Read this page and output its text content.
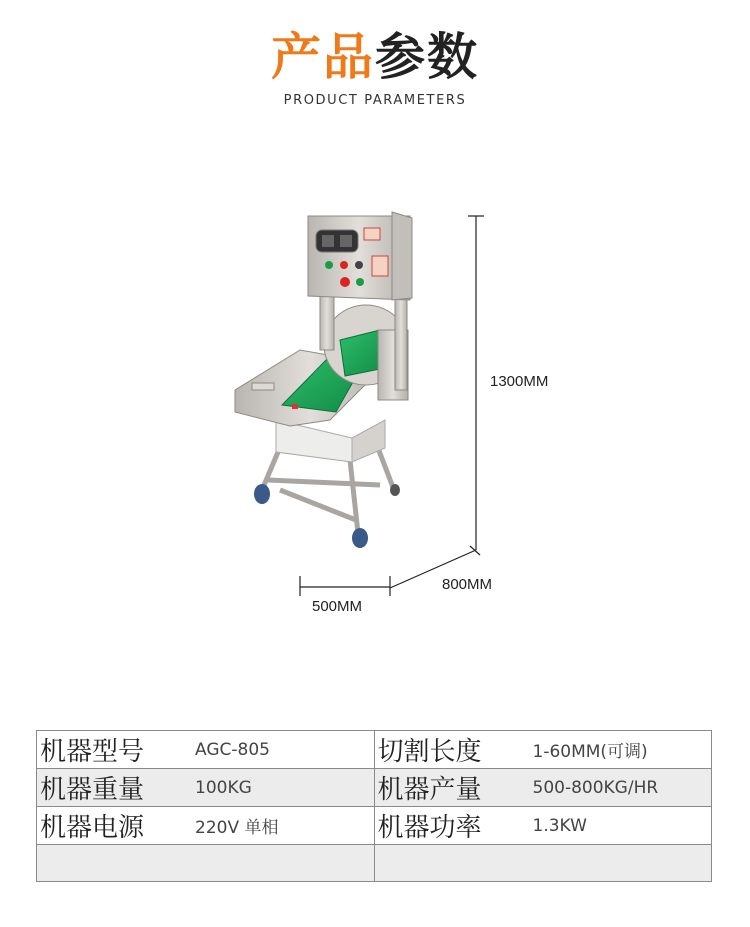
产品参数
PRODUCT PARAMETERS
1300MM
800MM
500MM
机器型号 AGC-805	切割长度 1-60MM(可调)

机器重量 100KG	机器产量 500-800KG/HR

机器电源 220V 单相	机器功率 1.3KW
